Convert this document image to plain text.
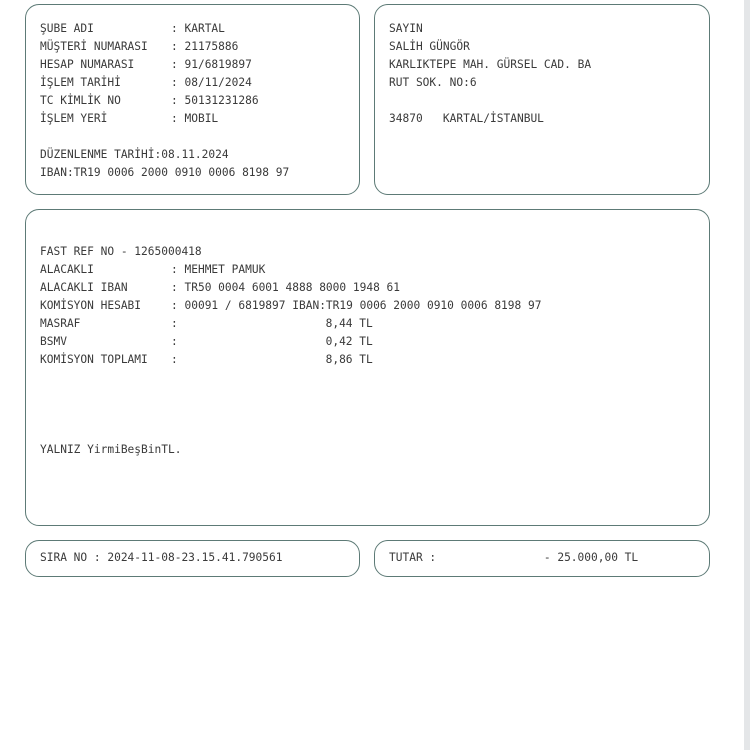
ŞUBE ADI	: KARTAL
MÜŞTERİ NUMARASI : 21175886
HESAP NUMARASI	: 91/6819897
İŞLEM TARİHİ	: 08/11/2024
TC KİMLİK NO	: 50131231286
İŞLEM YERİ	: MOBIL
DÜZENLENME TARİHİ:08.11.2024
IBAN:TR19 0006 2000 0910 0006 8198 97
SAYIN
SALİH GÜNGÖR
KARLIKTEPE MAH. GÜRSEL CAD. BA
RUT SOK. NO:6
34870   KARTAL/İSTANBUL
FAST REF NO - 1265000418
ALACAKLI	: MEHMET PAMUK
ALACAKLI IBAN	: TR50 0004 6001 4888 8000 1948 61
KOMİSYON HESABI	: 00091 / 6819897 IBAN:TR19 0006 2000 0910 0006 8198 97
MASRAF	:	8,44 TL
BSMV	:	0,42 TL
KOMİSYON TOPLAMI :	8,86 TL
YALNIZ YirmiBeşBinTL.
SIRA NO : 2024-11-08-23.15.41.790561	TUTAR :	- 25.000,00 TL
